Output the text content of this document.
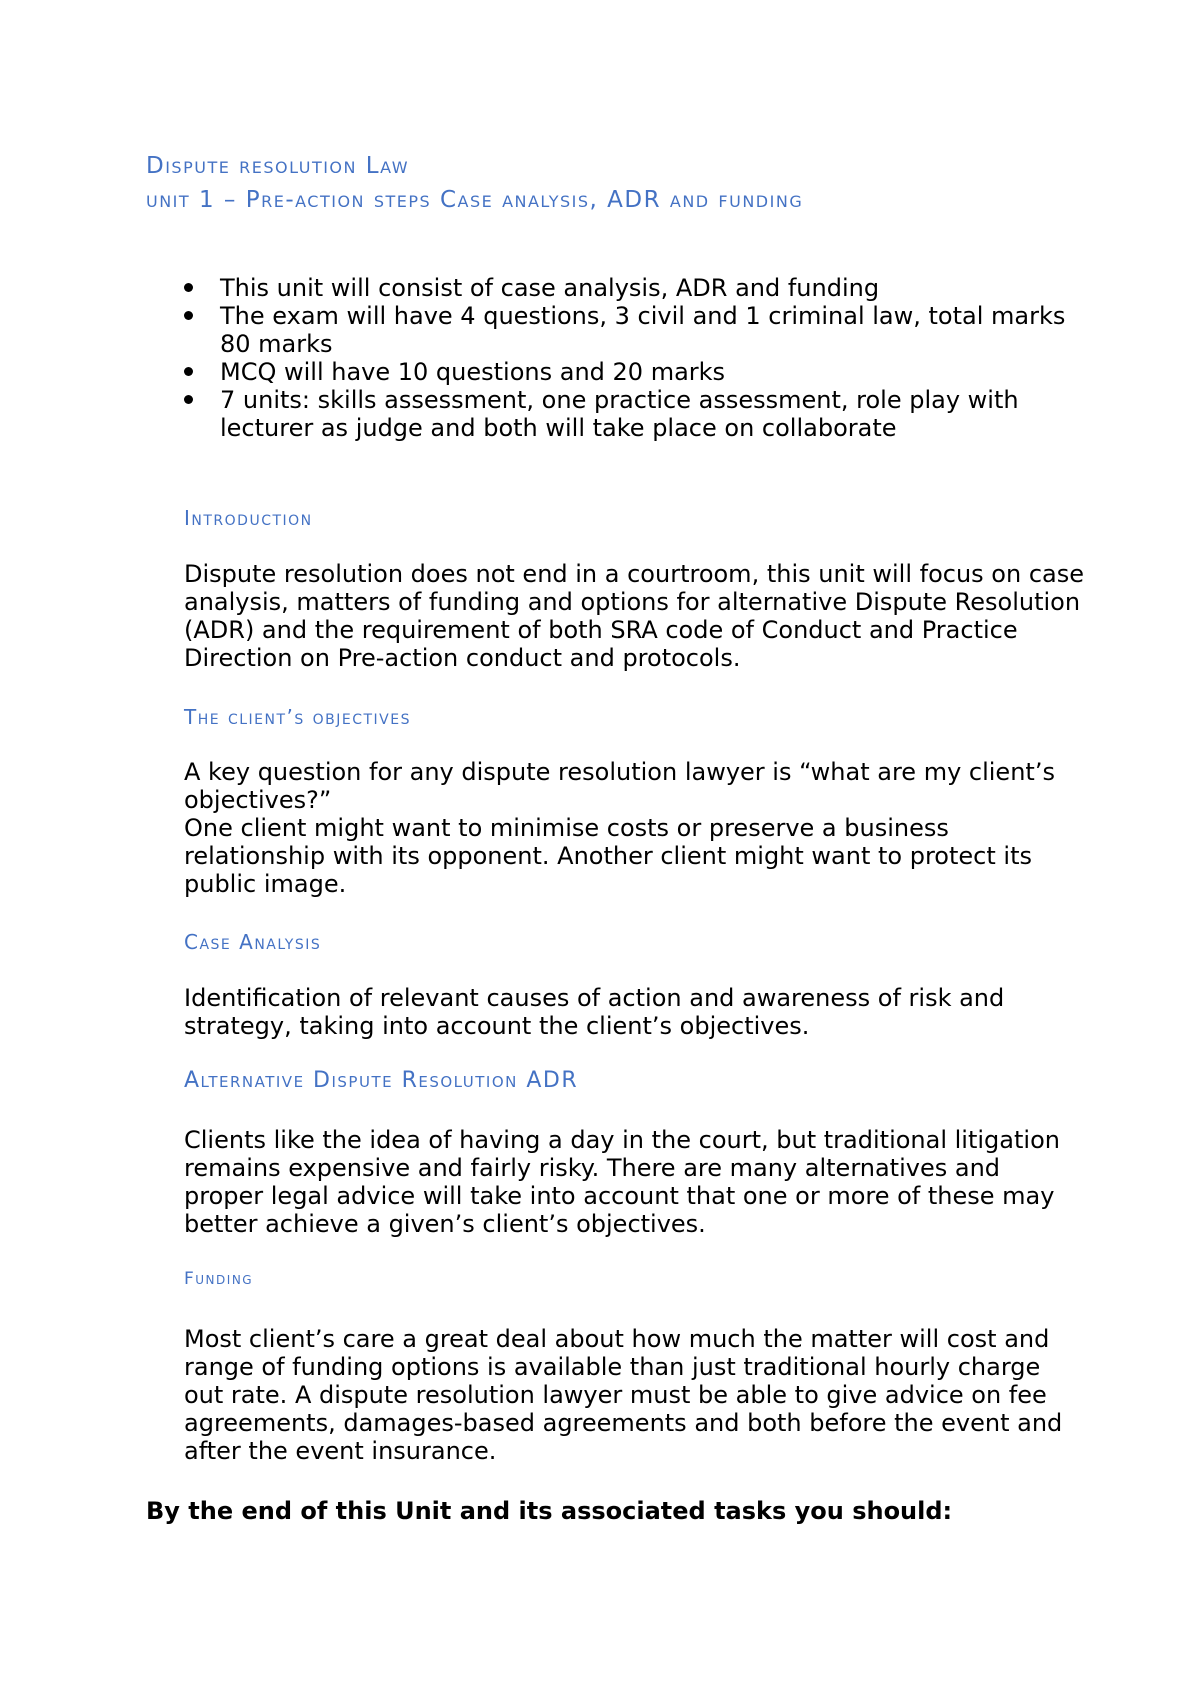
Dispute resolution Law
unit 1 – Pre-action steps Case analysis, ADR and funding
This unit will consist of case analysis, ADR and funding
The exam will have 4 questions, 3 civil and 1 criminal law, total marks 80 marks
MCQ will have 10 questions and 20 marks
7 units: skills assessment, one practice assessment, role play with lecturer as judge and both will take place on collaborate
Introduction

Dispute resolution does not end in a courtroom, this unit will focus on case analysis, matters of funding and options for alternative Dispute Resolution (ADR) and the requirement of both SRA code of Conduct and Practice Direction on Pre-action conduct and protocols.

The client’s objectives

A key question for any dispute resolution lawyer is “what are my client’s objectives?”

One client might want to minimise costs or preserve a business relationship with its opponent. Another client might want to protect its public image.

Case Analysis

Identification of relevant causes of action and awareness of risk and strategy, taking into account the client’s objectives.

Alternative Dispute Resolution ADR

Clients like the idea of having a day in the court, but traditional litigation remains expensive and fairly risky. There are many alternatives and proper legal advice will take into account that one or more of these may better achieve a given’s client’s objectives.

Funding

Most client’s care a great deal about how much the matter will cost and range of funding options is available than just traditional hourly charge out rate. A dispute resolution lawyer must be able to give advice on fee agreements, damages-based agreements and both before the event and after the event insurance.

By the end of this Unit and its associated tasks you should:
